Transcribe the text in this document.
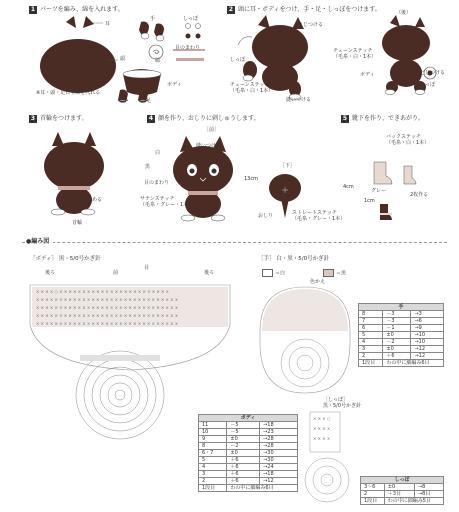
1 パーツを編み、綿を入れます。	2 頭に耳・ボディをつけ、手・足・しっぽをつけます。
3 首輪をつけます。	4 顔を作り、おしりに刺しゅうします。	5 靴下を作り、できあがり。
耳
手	しっぽ
頭	綿
目のまわり
ボディ
足
※耳・頭・足にも綿を入れる
とじつける
しっぽ
チェーンステッチ
（毛糸・白・1本）
チェーンステッチ
（毛糸・白・1本）
縫いつける
（後）
とじつける
しっぽ
ボディ
後ろで止める
首輪
［前］
縫いつける
白
黒
目のまわり
サテンステッチ
（毛糸・グレー・1本）
13cm
［下］
おしり	ストレートステッチ
（毛糸・グレー・1本）
バックステッチ
（毛糸・白・1本）
4cm
グレー
1cm
2枚作る
●編み図
［ボディ］ 黒・5/0号かぎ針
後ろ	前
目
後ろ
× × × × ○ × × × × × × × × × × × × × × × × × × × × × × × ×
× × × × × × × × × × × × × × × × × × × × × × × × × × × × × × ×
× × × × × × × × × × × × × × × × × × × × × × × × × × × × × × ×
× × × × × × × × × × × × × × × × × × × × × × × × × × × × × × ×
× × × × × × × × × × × × × × × × × × × × × × × × × × × × × × ×
［手］ 白・黒・5/0号かぎ針
＝白	＝黒
色かえ
［しっぽ］
黒・5/0号かぎ針
× × × ○
× × × ×
× × × ×
手		
8	－3	→3
7	－3	→6
6	－1	→9
5	±0	→10
4	－2	→10
3	±0	→12
2	＋6	→12
1段目	わの中に細編み6目	
ボディ		
11	－5	→18
10	－5	→23
9	±0	→28
8	－2	→28
6・7	±0	→30
5	＋6	→30
4	＋6	→24
3	＋6	→18
2	＋6	→12
1段目	わの中に細編み6目	
しっぽ		
3～6	±0	→8
2	＋3目	→8目
1段目	わの中に細編み5目	
